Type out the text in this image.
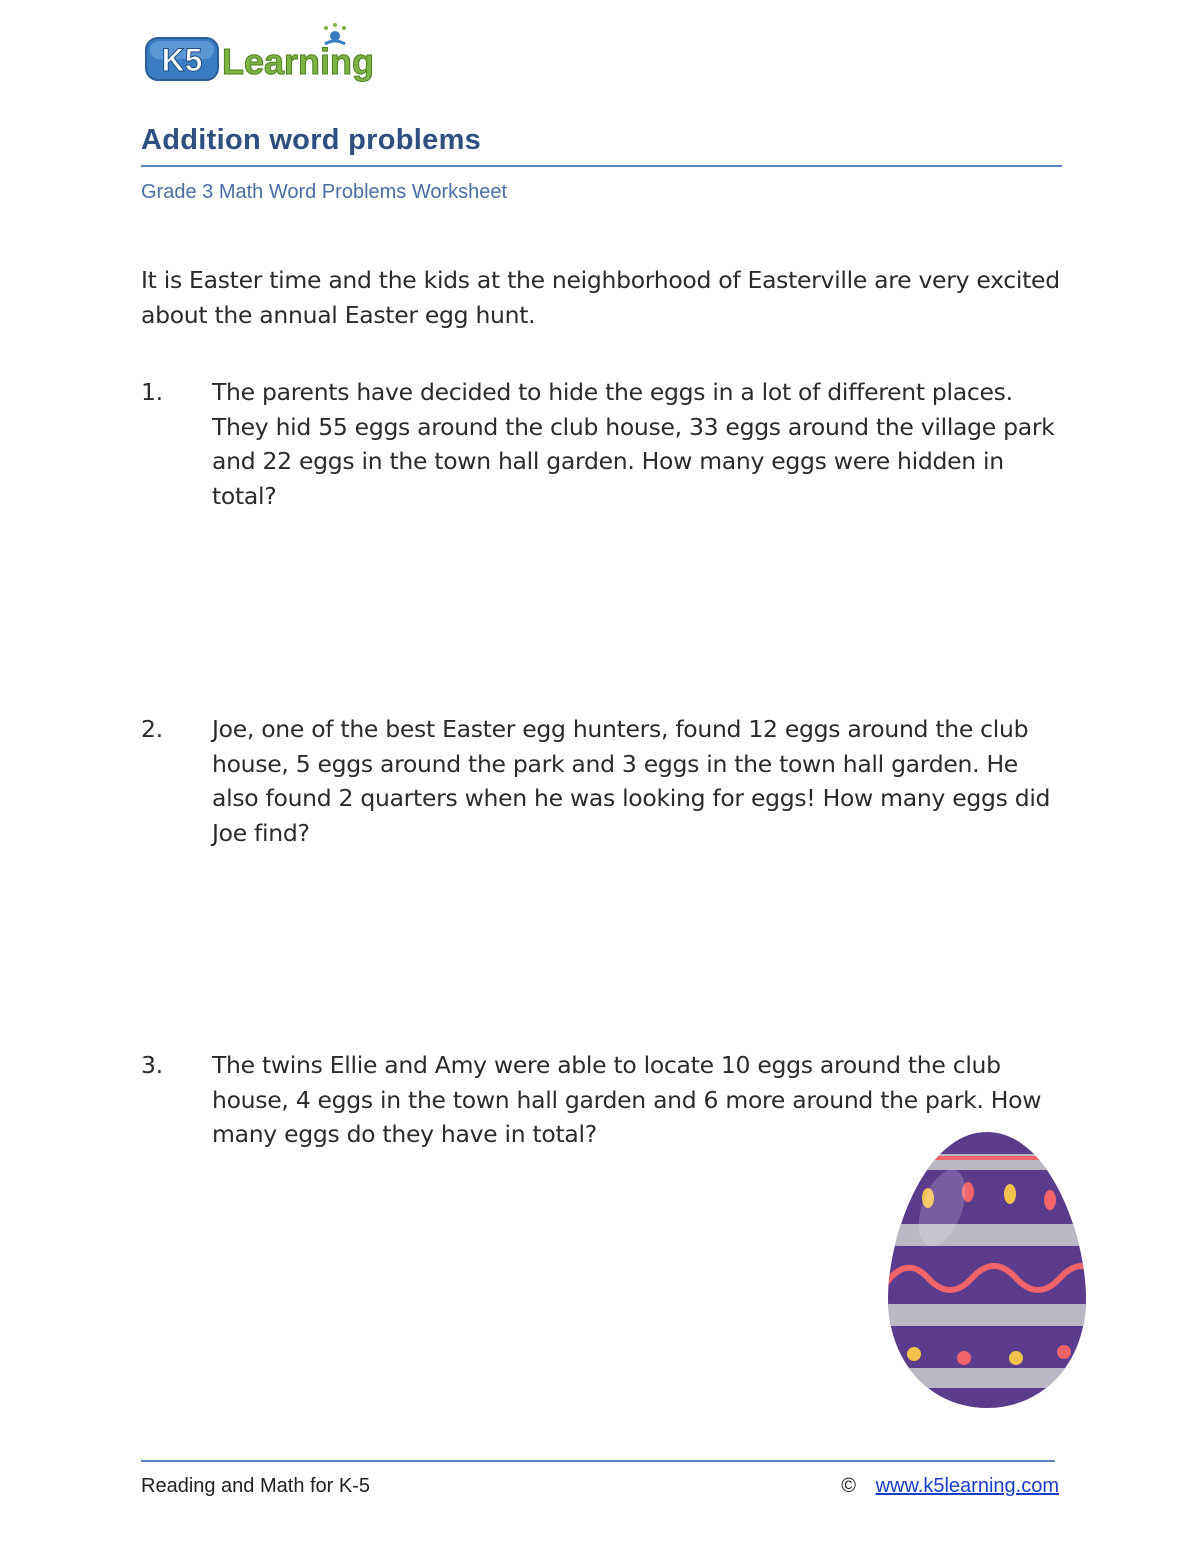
K5 Learning
Addition word problems
Grade 3 Math Word Problems Worksheet

It is Easter time and the kids at the neighborhood of Easterville are very excited about the annual Easter egg hunt.

1.	The parents have decided to hide the eggs in a lot of different places. They hid 55 eggs around the club house, 33 eggs around the village park and 22 eggs in the town hall garden. How many eggs were hidden in total?

2.	Joe, one of the best Easter egg hunters, found 12 eggs around the club house, 5 eggs around the park and 3 eggs in the town hall garden. He also found 2 quarters when he was looking for eggs! How many eggs did Joe find?

3.	The twins Ellie and Amy were able to locate 10 eggs around the club house, 4 eggs in the town hall garden and 6 more around the park. How many eggs do they have in total?

Reading and Math for K-5	© www.k5learning.com
